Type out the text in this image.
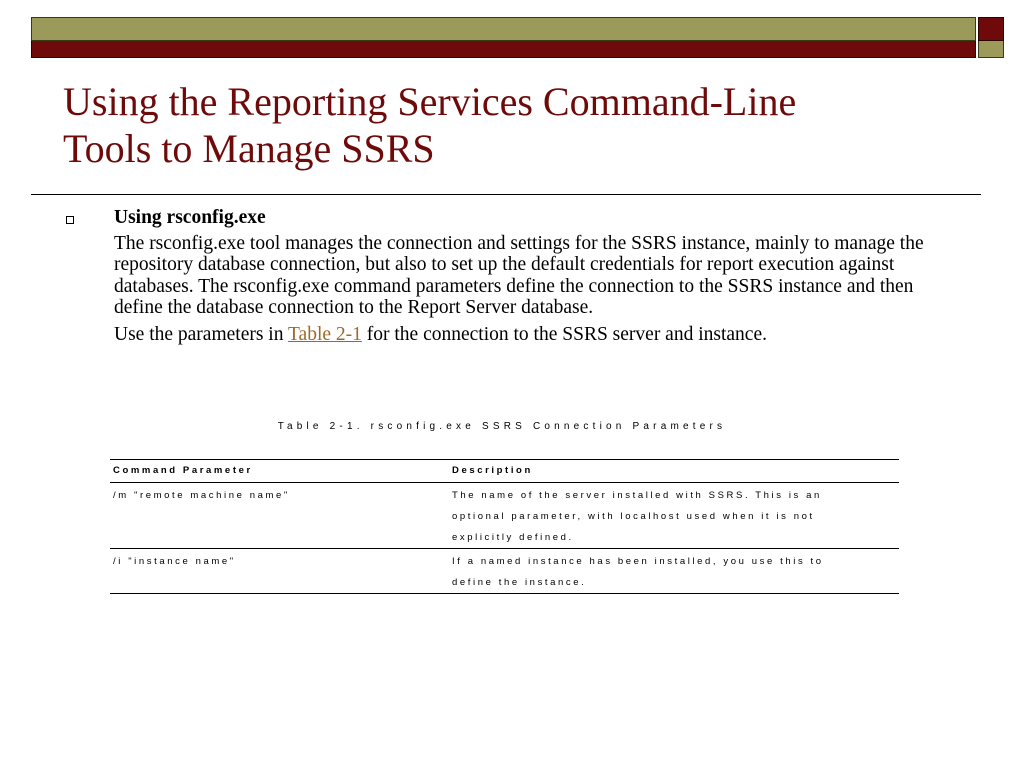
Using the Reporting Services Command-Line
Tools to Manage SSRS
Using rsconfig.exe

The rsconfig.exe tool manages the connection and settings for the SSRS instance, mainly to manage the repository database connection, but also to set up the default credentials for report execution against databases. The rsconfig.exe command parameters define the connection to the SSRS instance and then define the database connection to the Report Server database.

Use the parameters in Table 2-1 for the connection to the SSRS server and instance.

Table 2-1. rsconfig.exe SSRS Connection Parameters
Command Parameter	Description
/m "remote machine name"	The name of the server installed with SSRS. This is an optional parameter, with localhost used when it is not explicitly defined.
/i "instance name"	If a named instance has been installed, you use this to define the instance.
